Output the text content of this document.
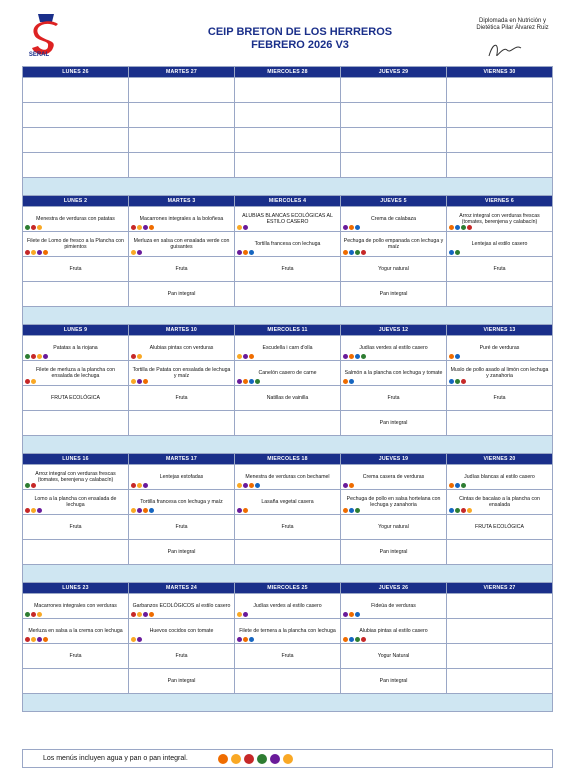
SERAL
CEIP BRETON DE LOS HERREROS
FEBRERO 2026 V3
Diplomada en Nutrición y
Dietética Pilar Álvarez Ruiz
LUNES 26	MARTES 27	MIERCOLES 28	JUEVES 29	VIERNES 30

LUNES 2	MARTES 3	MIERCOLES 4	JUEVES 5	VIERNES 6

Menestra de verduras con patatas	Macarrones integrales a la boloñesa	ALUBIAS BLANCAS ECOLÓGICAS AL ESTILO CASERO	Crema de calabaza	Arroz integral con verduras frescas (tomates, berenjena y calabacín)

Filete de Lomo de fresco a la Plancha con pimientos	Merluza en salsa con ensalada verde con guisantes	Tortilla francesa con lechuga	Pechuga de pollo empanada con lechuga y maíz	Lentejas al estilo casero

Fruta	Fruta	Fruta	Yogur natural	Fruta

	Pan integral		Pan integral	

LUNES 9	MARTES 10	MIERCOLES 11	JUEVES 12	VIERNES 13

Patatas a la riojana	Alubias pintas con verduras	Escudella i carn d'olla	Judías verdes al estilo casero	Puré de verduras

Filete de merluza a la plancha con ensalada de lechuga	Tortilla de Patata con ensalada de lechuga y maíz	Canelón casero de carne	Salmón a la plancha con lechuga y tomate	Muslo de pollo asado al limón con lechuga y zanahoria

FRUTA ECOLÓGICA	Fruta	Natillas de vainilla	Fruta	Fruta

			Pan integral	

LUNES 16	MARTES 17	MIERCOLES 18	JUEVES 19	VIERNES 20

Arroz integral con verduras frescas (tomates, berenjena y calabacín)	Lentejas estofadas	Menestra de verduras con bechamel	Crema casera de verduras	Judías blancas al estilo casero

Lomo a la plancha con ensalada de lechuga	Tortilla francesa con lechuga y maíz	Lasaña vegetal casera	Pechuga de pollo en salsa hortelana con lechuga y zanahoria	Cintas de bacalao a la plancha con ensalada

Fruta	Fruta	Fruta	Yogur natural	FRUTA ECOLÓGICA

	Pan integral		Pan integral	

LUNES 23	MARTES 24	MIERCOLES 25	JUEVES 26	VIERNES 27

Macarrones integrales con verduras	Garbanzos ECOLÓGICOS al estilo casero	Judías verdes al estilo casero	Fideúa de verduras	

Merluza en salsa a la crema con lechuga	Huevos cocidos con tomate	Filete de ternera a la plancha con lechuga	Alubias pintas al estilo casero	

Fruta	Fruta	Fruta	Yogur Natural	

	Pan integral		Pan integral	

Los menús incluyen agua y pan o pan integral.
